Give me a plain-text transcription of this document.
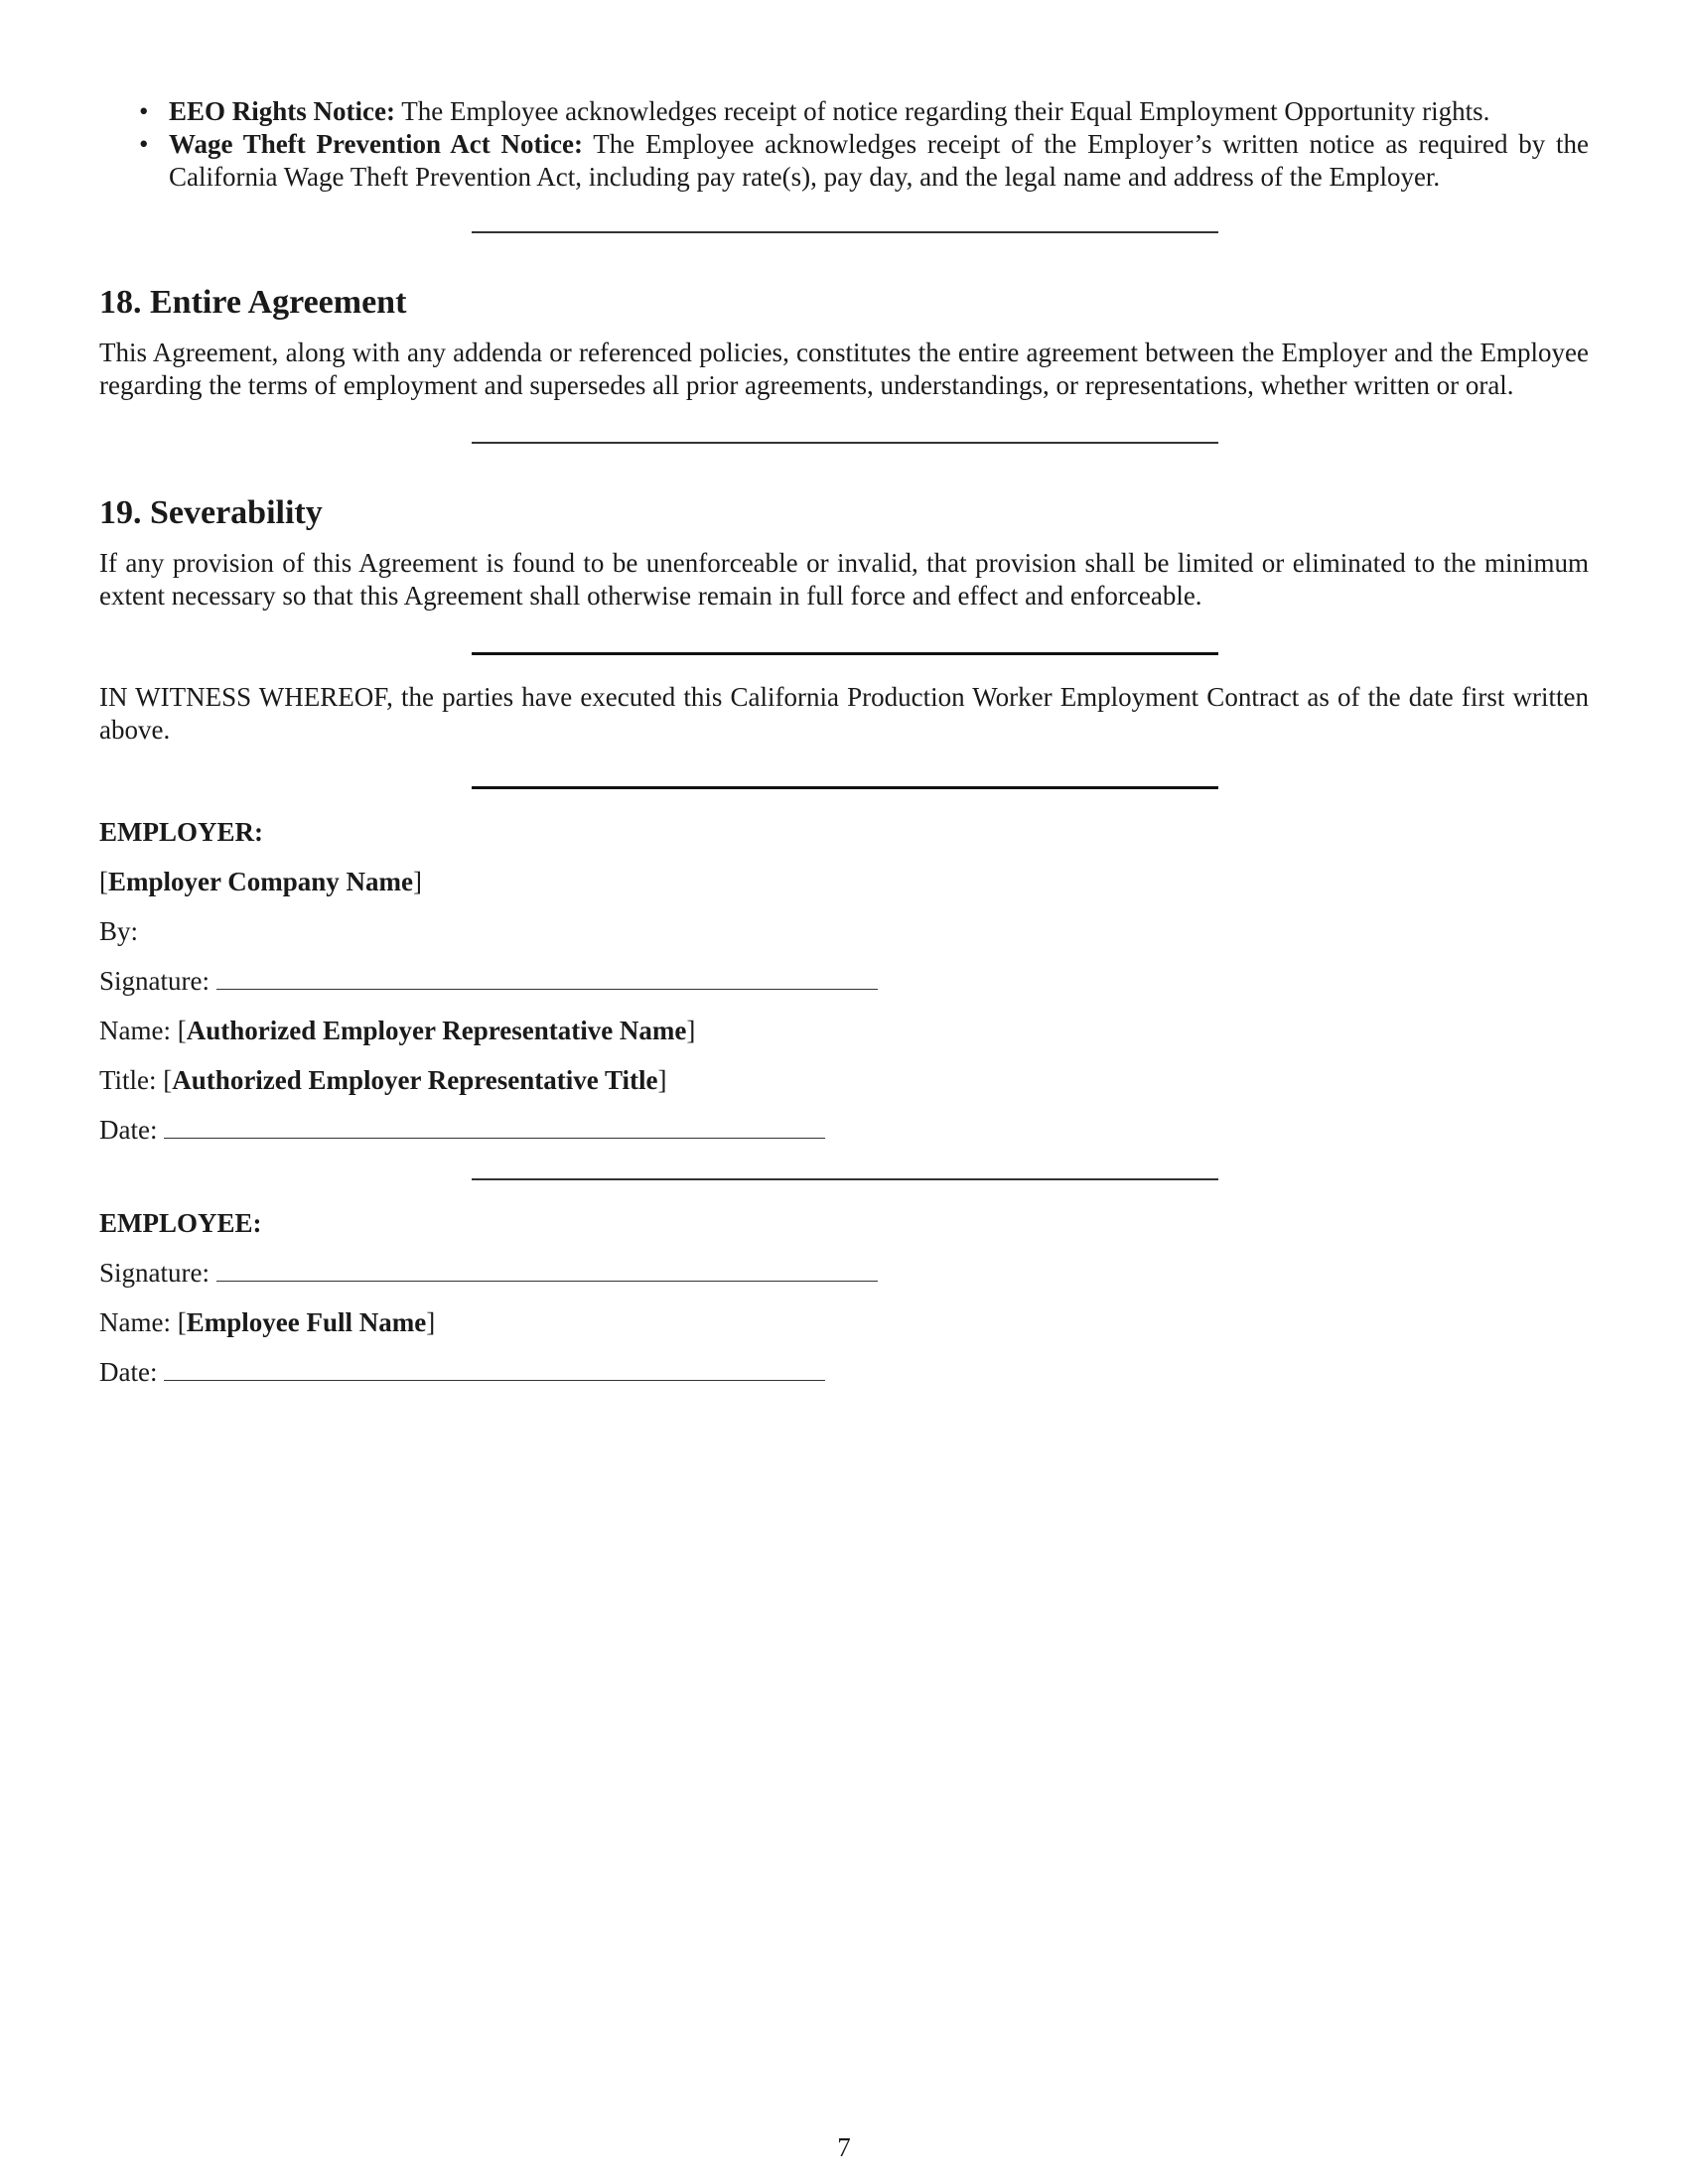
• EEO Rights Notice: The Employee acknowledges receipt of notice regarding their Equal Employment Opportunity rights.
• Wage Theft Prevention Act Notice: The Employee acknowledges receipt of the Employer’s written notice as required by the California Wage Theft Prevention Act, including pay rate(s), pay day, and the legal name and address of the Employer.
18. Entire Agreement

This Agreement, along with any addenda or referenced policies, constitutes the entire agreement between the Employer and the Employee regarding the terms of employment and supersedes all prior agreements, understandings, or representations, whether written or oral.

19. Severability

If any provision of this Agreement is found to be unenforceable or invalid, that provision shall be limited or eliminated to the minimum extent necessary so that this Agreement shall otherwise remain in full force and effect and enforceable.

IN WITNESS WHEREOF, the parties have executed this California Production Worker Employment Contract as of the date first written above.

EMPLOYER:

[Employer Company Name]

By:

Signature:

Name: [Authorized Employer Representative Name]

Title: [Authorized Employer Representative Title]

Date:

EMPLOYEE:

Signature:

Name: [Employee Full Name]

Date:

7
